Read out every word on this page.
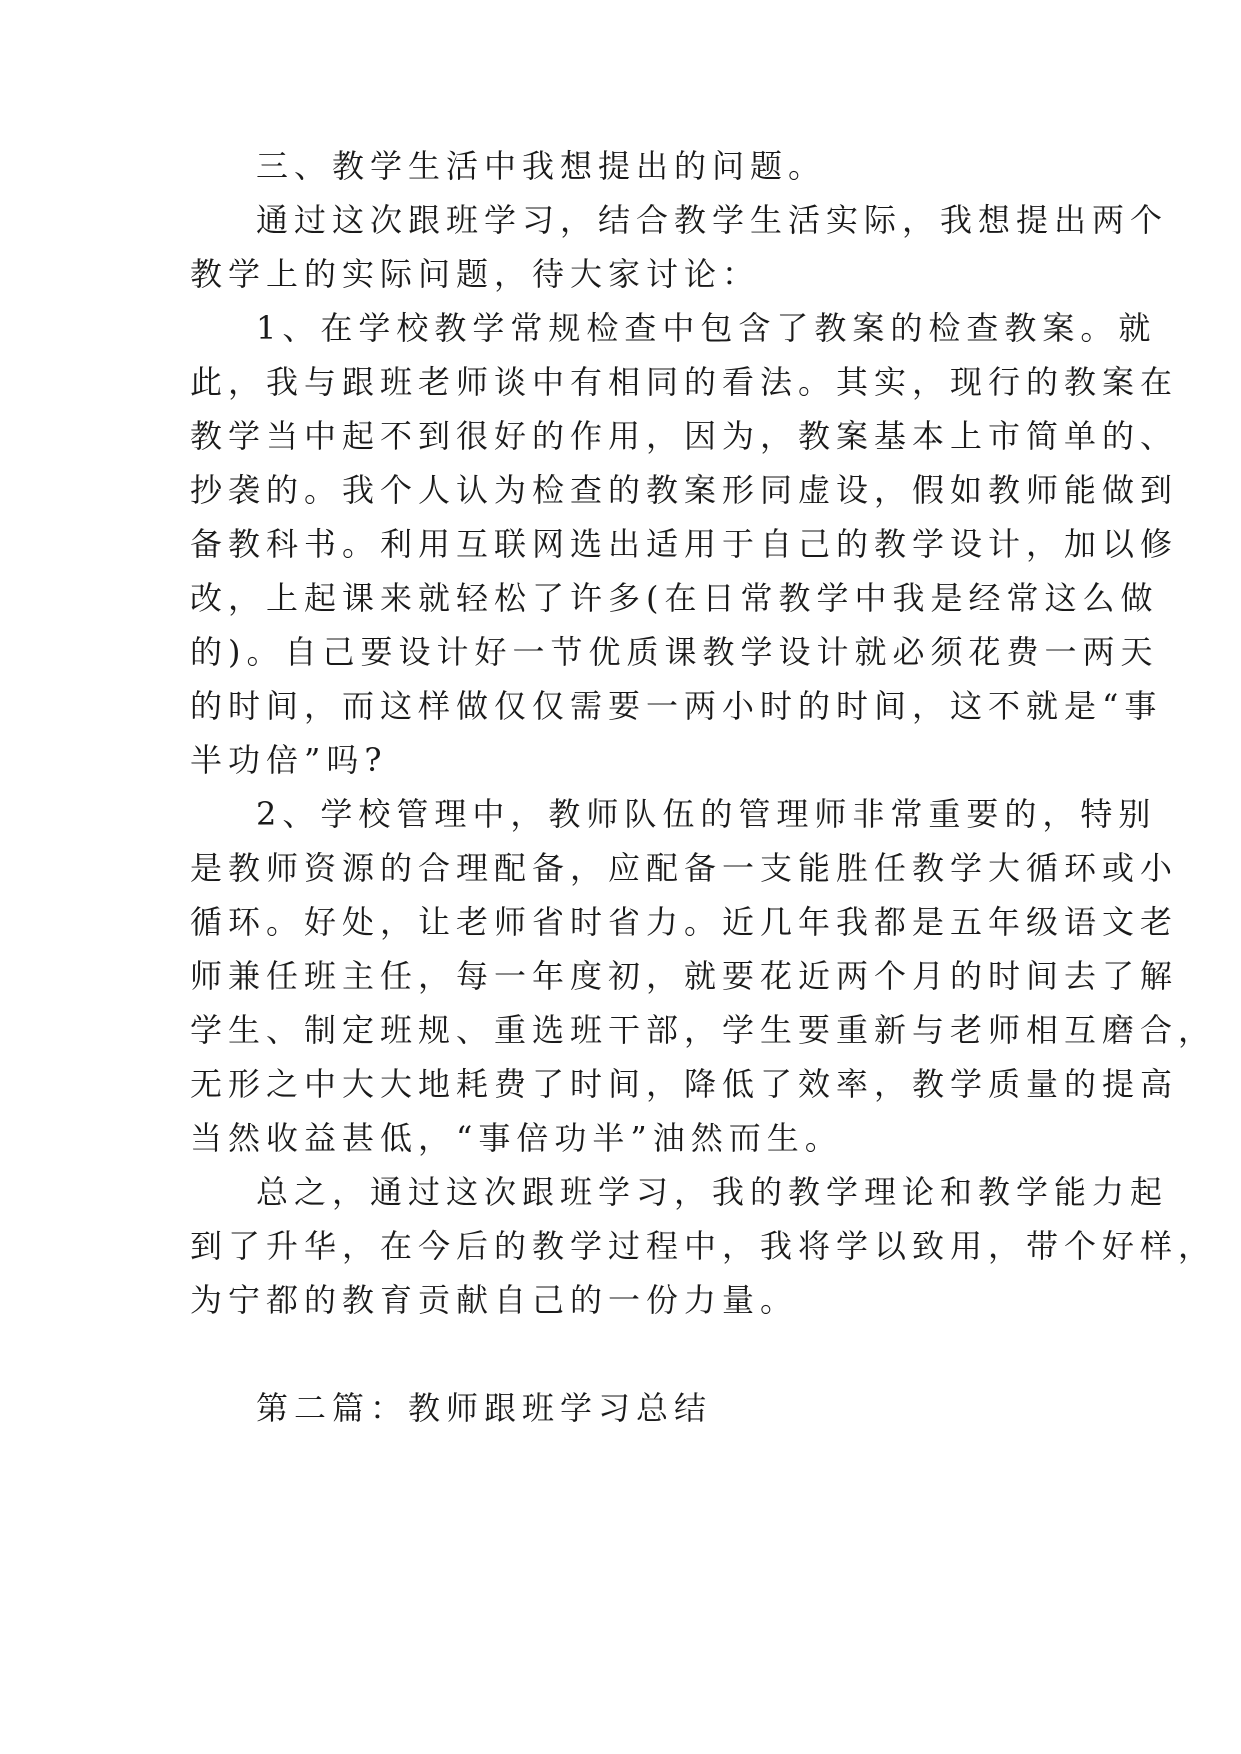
三、教学生活中我想提出的问题。
通过这次跟班学习，结合教学生活实际，我想提出两个
教学上的实际问题，待大家讨论：
1、在学校教学常规检查中包含了教案的检查教案。就
此，我与跟班老师谈中有相同的看法。其实，现行的教案在
教学当中起不到很好的作用，因为，教案基本上市简单的、
抄袭的。我个人认为检查的教案形同虚设，假如教师能做到
备教科书。利用互联网选出适用于自己的教学设计，加以修
改，上起课来就轻松了许多(在日常教学中我是经常这么做
的)。自己要设计好一节优质课教学设计就必须花费一两天
的时间，而这样做仅仅需要一两小时的时间，这不就是“事
半功倍”吗?
2、学校管理中，教师队伍的管理师非常重要的，特别
是教师资源的合理配备，应配备一支能胜任教学大循环或小
循环。好处，让老师省时省力。近几年我都是五年级语文老
师兼任班主任，每一年度初，就要花近两个月的时间去了解
学生、制定班规、重选班干部，学生要重新与老师相互磨合，
无形之中大大地耗费了时间，降低了效率，教学质量的提高
当然收益甚低，“事倍功半”油然而生。
总之，通过这次跟班学习，我的教学理论和教学能力起
到了升华，在今后的教学过程中，我将学以致用，带个好样，
为宁都的教育贡献自己的一份力量。
第二篇：教师跟班学习总结
